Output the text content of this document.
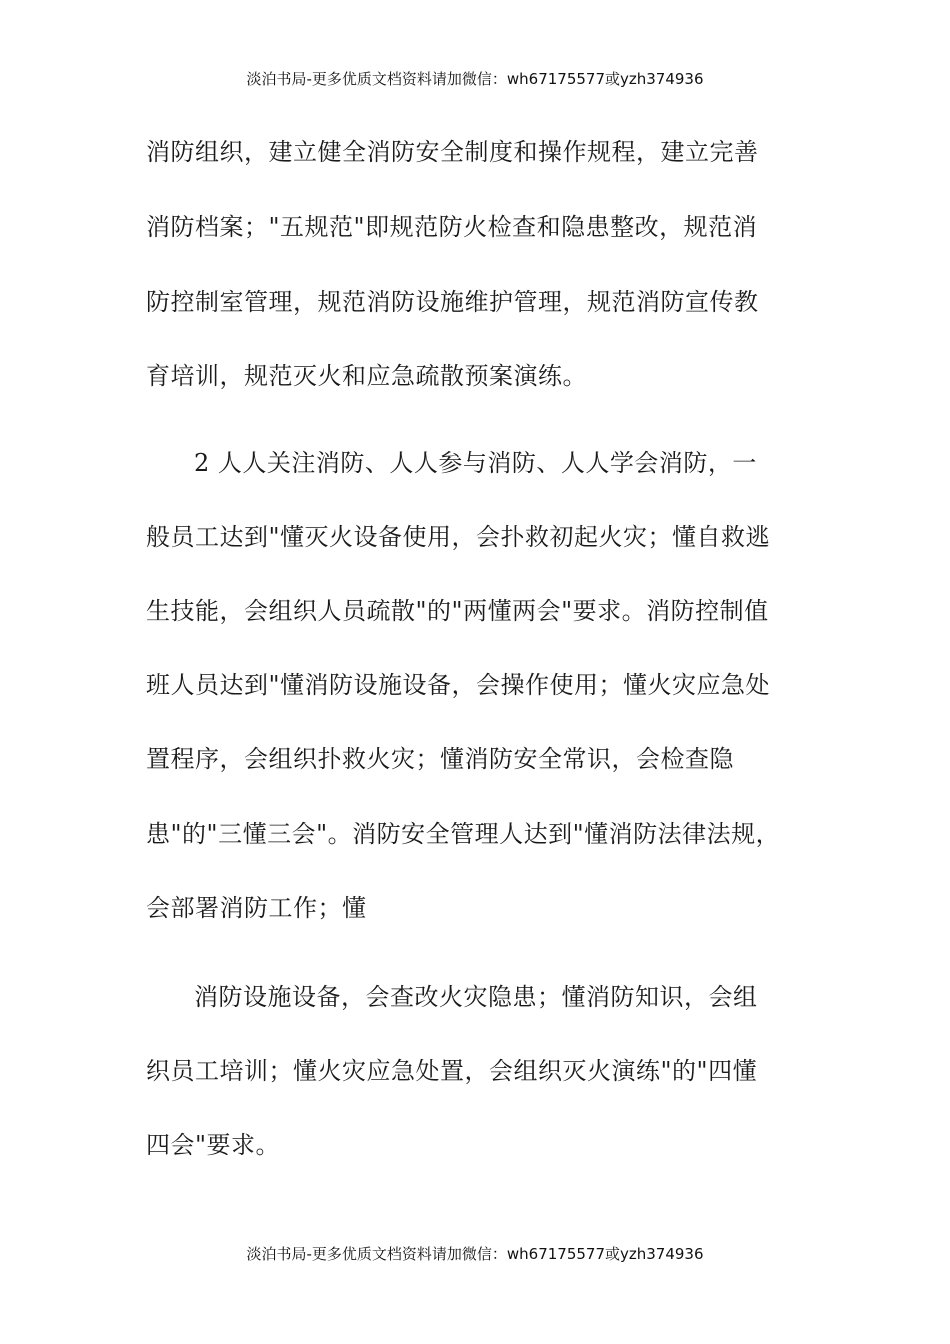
淡泊书局-更多优质文档资料请加微信：wh67175577或yzh374936
消防组织，建立健全消防安全制度和操作规程，建立完善
消防档案；"五规范"即规范防火检查和隐患整改，规范消
防控制室管理，规范消防设施维护管理，规范消防宣传教
育培训，规范灭火和应急疏散预案演练。
2 人人关注消防、人人参与消防、人人学会消防，一
般员工达到"懂灭火设备使用，会扑救初起火灾；懂自救逃
生技能，会组织人员疏散"的"两懂两会"要求。消防控制值
班人员达到"懂消防设施设备，会操作使用；懂火灾应急处
置程序，会组织扑救火灾；懂消防安全常识，会检查隐
患"的"三懂三会"。消防安全管理人达到"懂消防法律法规，
会部署消防工作；懂
消防设施设备，会查改火灾隐患；懂消防知识，会组
织员工培训；懂火灾应急处置，会组织灭火演练"的"四懂
四会"要求。
淡泊书局-更多优质文档资料请加微信：wh67175577或yzh374936
